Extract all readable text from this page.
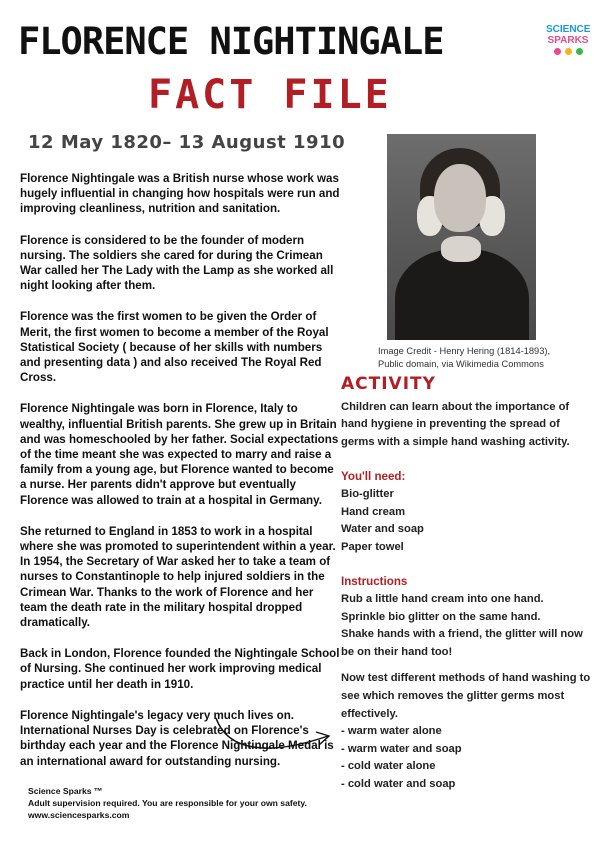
FLORENCE NIGHTINGALE
FACT FILE
SCIENCE
SPARKS
12 May 1820– 13 August 1910

Florence Nightingale was a British nurse whose work was hugely influential in changing how hospitals were run and improving cleanliness, nutrition and sanitation.

Florence is considered to be the founder of modern nursing. The soldiers she cared for during the Crimean War called her The Lady with the Lamp as she worked all night looking after them.

Florence was the first women to be given the Order of Merit, the first women to become a member of the Royal Statistical Society ( because of her skills with numbers and presenting data ) and also received The Royal Red Cross.

Florence Nightingale was born in Florence, Italy to wealthy, influential British parents. She grew up in Britain and was homeschooled by her father. Social expectations of the time meant she was expected to marry and raise a family from a young age, but Florence wanted to become a nurse. Her parents didn't approve but eventually Florence was allowed to train at a hospital in Germany.

She returned to England in 1853 to work in a hospital where she was promoted to superintendent within a year. In 1954, the Secretary of War asked her to take a team of nurses to Constantinople to help injured soldiers in the Crimean War. Thanks to the work of Florence and her team the death rate in the military hospital dropped dramatically.

Back in London, Florence founded the Nightingale School of Nursing. She continued her work improving medical practice until her death in 1910.

Florence Nightingale's legacy very much lives on. International Nurses Day is celebrated on Florence's birthday each year and the Florence Nightingale Medal is an international award for outstanding nursing.

Image Credit - Henry Hering (1814-1893),
Public domain, via Wikimedia Commons
ACTIVITY
Children can learn about the importance of hand hygiene in preventing the spread of germs with a simple hand washing activity.
You'll need:
Bio-glitter
Hand cream
Water and soap
Paper towel
Instructions
Rub a little hand cream into one hand.
Sprinkle bio glitter on the same hand.
Shake hands with a friend, the glitter will now be on their hand too!
Now test different methods of hand washing to see which removes the glitter germs most effectively.
- warm water alone
- warm water and soap
- cold water alone
- cold water and soap
Science Sparks ™
Adult supervision required. You are responsible for your own safety.
www.sciencesparks.com
